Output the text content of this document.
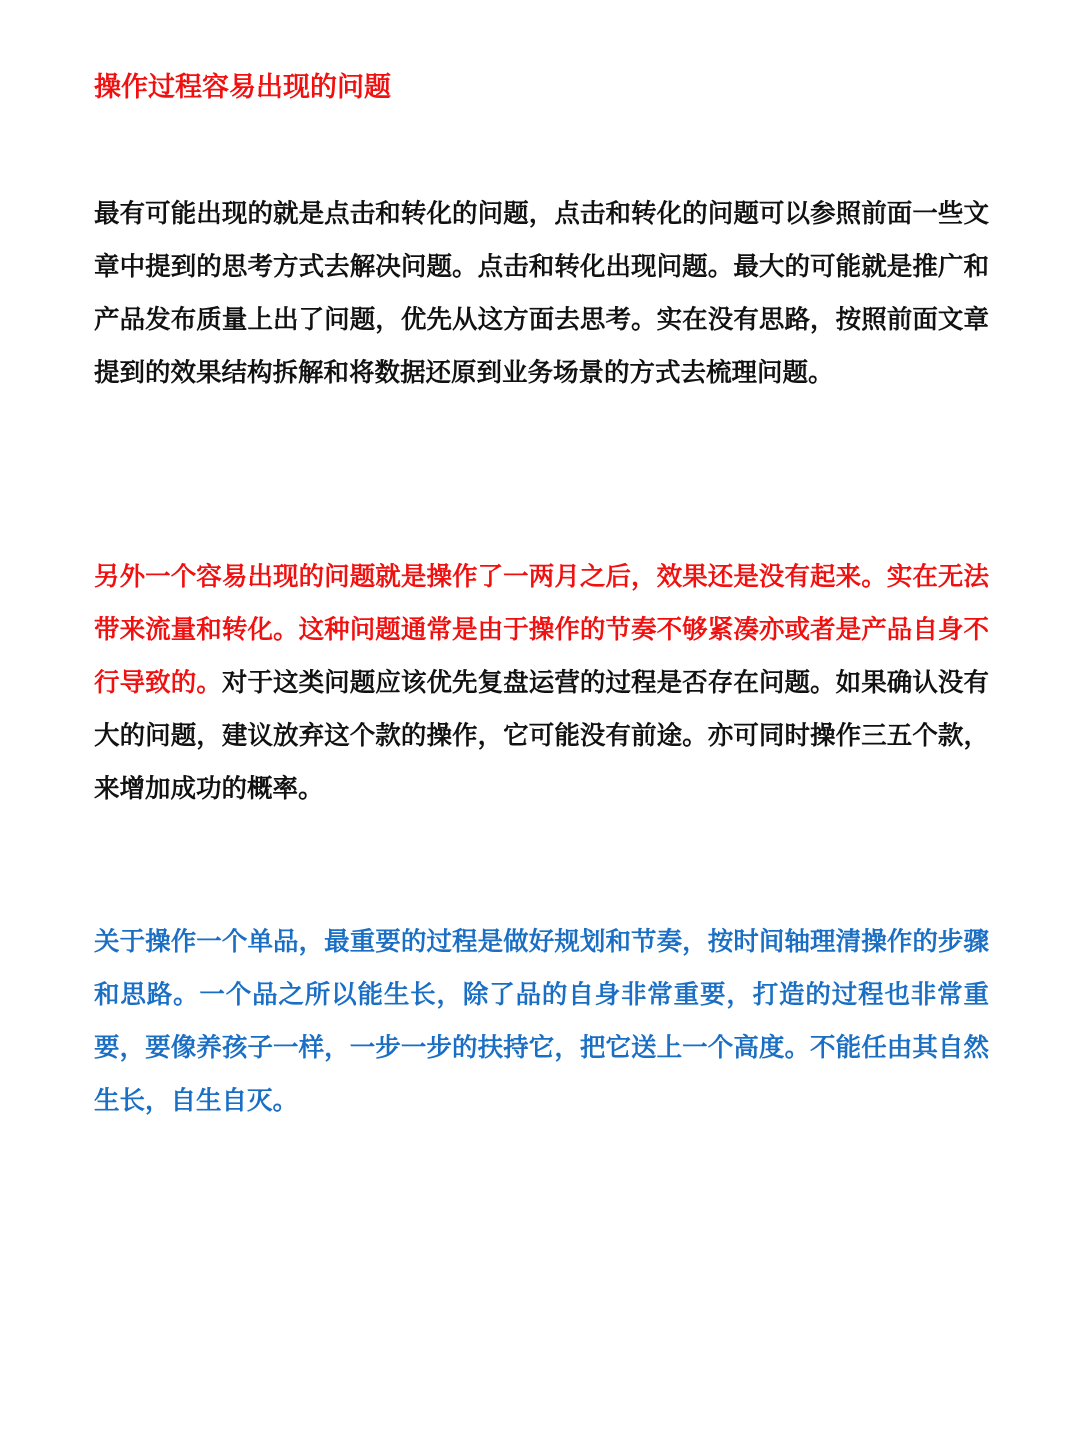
操作过程容易出现的问题
最有可能出现的就是点击和转化的问题，点击和转化的问题可以参照前面一些文章中提到的思考方式去解决问题。点击和转化出现问题。最大的可能就是推广和产品发布质量上出了问题，优先从这方面去思考。实在没有思路，按照前面文章提到的效果结构拆解和将数据还原到业务场景的方式去梳理问题。
另外一个容易出现的问题就是操作了一两月之后，效果还是没有起来。实在无法带来流量和转化。这种问题通常是由于操作的节奏不够紧凑亦或者是产品自身不行导致的。对于这类问题应该优先复盘运营的过程是否存在问题。如果确认没有大的问题，建议放弃这个款的操作，它可能没有前途。亦可同时操作三五个款，来增加成功的概率。
关于操作一个单品，最重要的过程是做好规划和节奏，按时间轴理清操作的步骤和思路。一个品之所以能生长，除了品的自身非常重要，打造的过程也非常重要，要像养孩子一样，一步一步的扶持它，把它送上一个高度。不能任由其自然生长，自生自灭。
